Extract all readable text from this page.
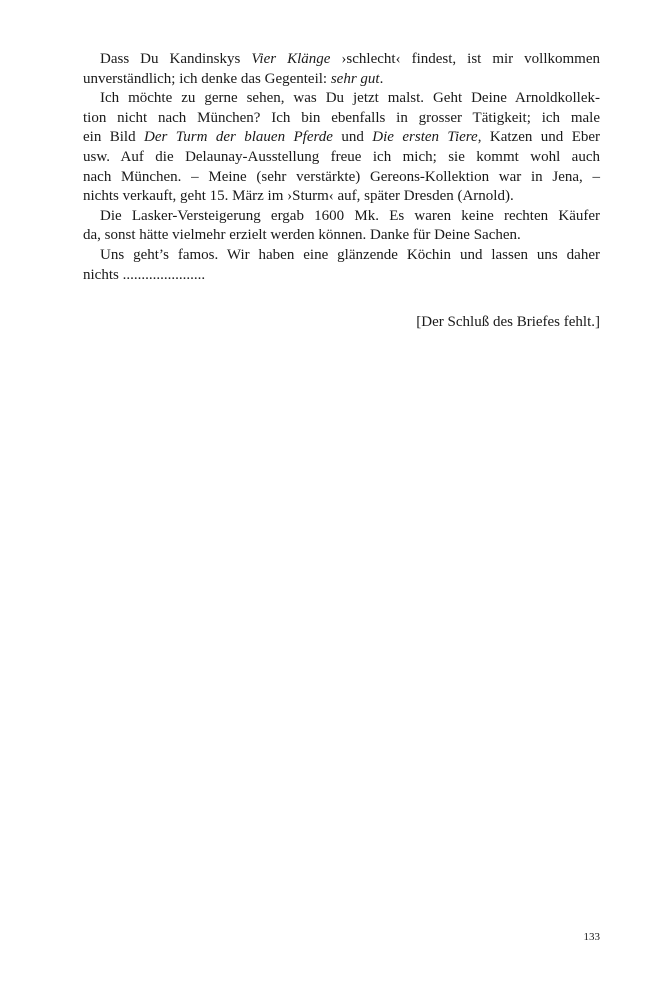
Dass Du Kandinskys Vier Klänge ›schlecht‹ findest, ist mir vollkommen
unverständlich; ich denke das Gegenteil: sehr gut.
Ich möchte zu gerne sehen, was Du jetzt malst. Geht Deine Arnoldkollek-
tion nicht nach München? Ich bin ebenfalls in grosser Tätigkeit; ich male
ein Bild Der Turm der blauen Pferde und Die ersten Tiere, Katzen und Eber
usw. Auf die Delaunay-Ausstellung freue ich mich; sie kommt wohl auch
nach München. – Meine (sehr verstärkte) Gereons-Kollektion war in Jena, –
nichts verkauft, geht 15. März im ›Sturm‹ auf, später Dresden (Arnold).
Die Lasker-Versteigerung ergab 1600 Mk. Es waren keine rechten Käufer
da, sonst hätte vielmehr erzielt werden können. Danke für Deine Sachen.
Uns geht’s famos. Wir haben eine glänzende Köchin und lassen uns daher
nichts ......................
[Der Schluß des Briefes fehlt.]
133
